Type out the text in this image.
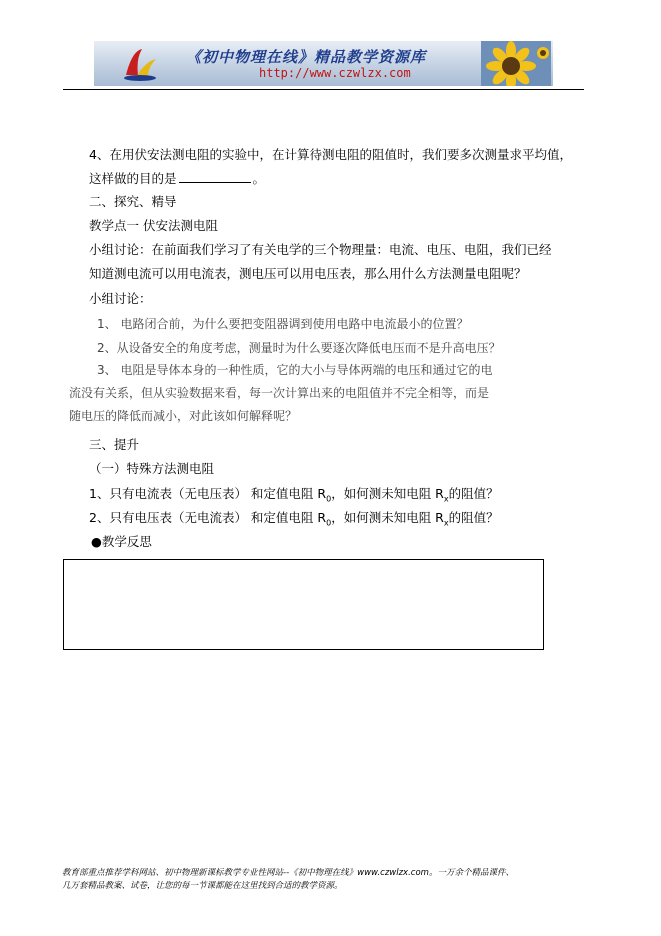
《初中物理在线》精品教学资源库
http://www.czwlzx.com
4、在用伏安法测电阻的实验中，在计算待测电阻的阻值时，我们要多次测量求平均值，
这样做的目的是	。
二、探究、精导
教学点一 伏安法测电阻
小组讨论：在前面我们学习了有关电学的三个物理量：电流、电压、电阻，我们已经
知道测电流可以用电流表，测电压可以用电压表，那么用什么方法测量电阻呢？
小组讨论：
1、 电路闭合前，为什么要把变阻器调到使用电路中电流最小的位置？
2、从设备安全的角度考虑，测量时为什么要逐次降低电压而不是升高电压？
3、 电阻是导体本身的一种性质，它的大小与导体两端的电压和通过它的电
流没有关系，但从实验数据来看，每一次计算出来的电阻值并不完全相等，而是
随电压的降低而减小，对此该如何解释呢？
三、提升
（一）特殊方法测电阻
1、只有电流表（无电压表） 和定值电阻 $R_0$，如何测未知电阻 $R_x$的阻值？
2、只有电压表（无电流表） 和定值电阻 $R_0$，如何测未知电阻 $R_x$的阻值？
●教学反思
教育部重点推荐学科网站、初中物理新课标教学专业性网站--《初中物理在线》www.czwlzx.com。一万余个精品课件、
几万套精品教案、试卷，让您的每一节课都能在这里找到合适的教学资源。
